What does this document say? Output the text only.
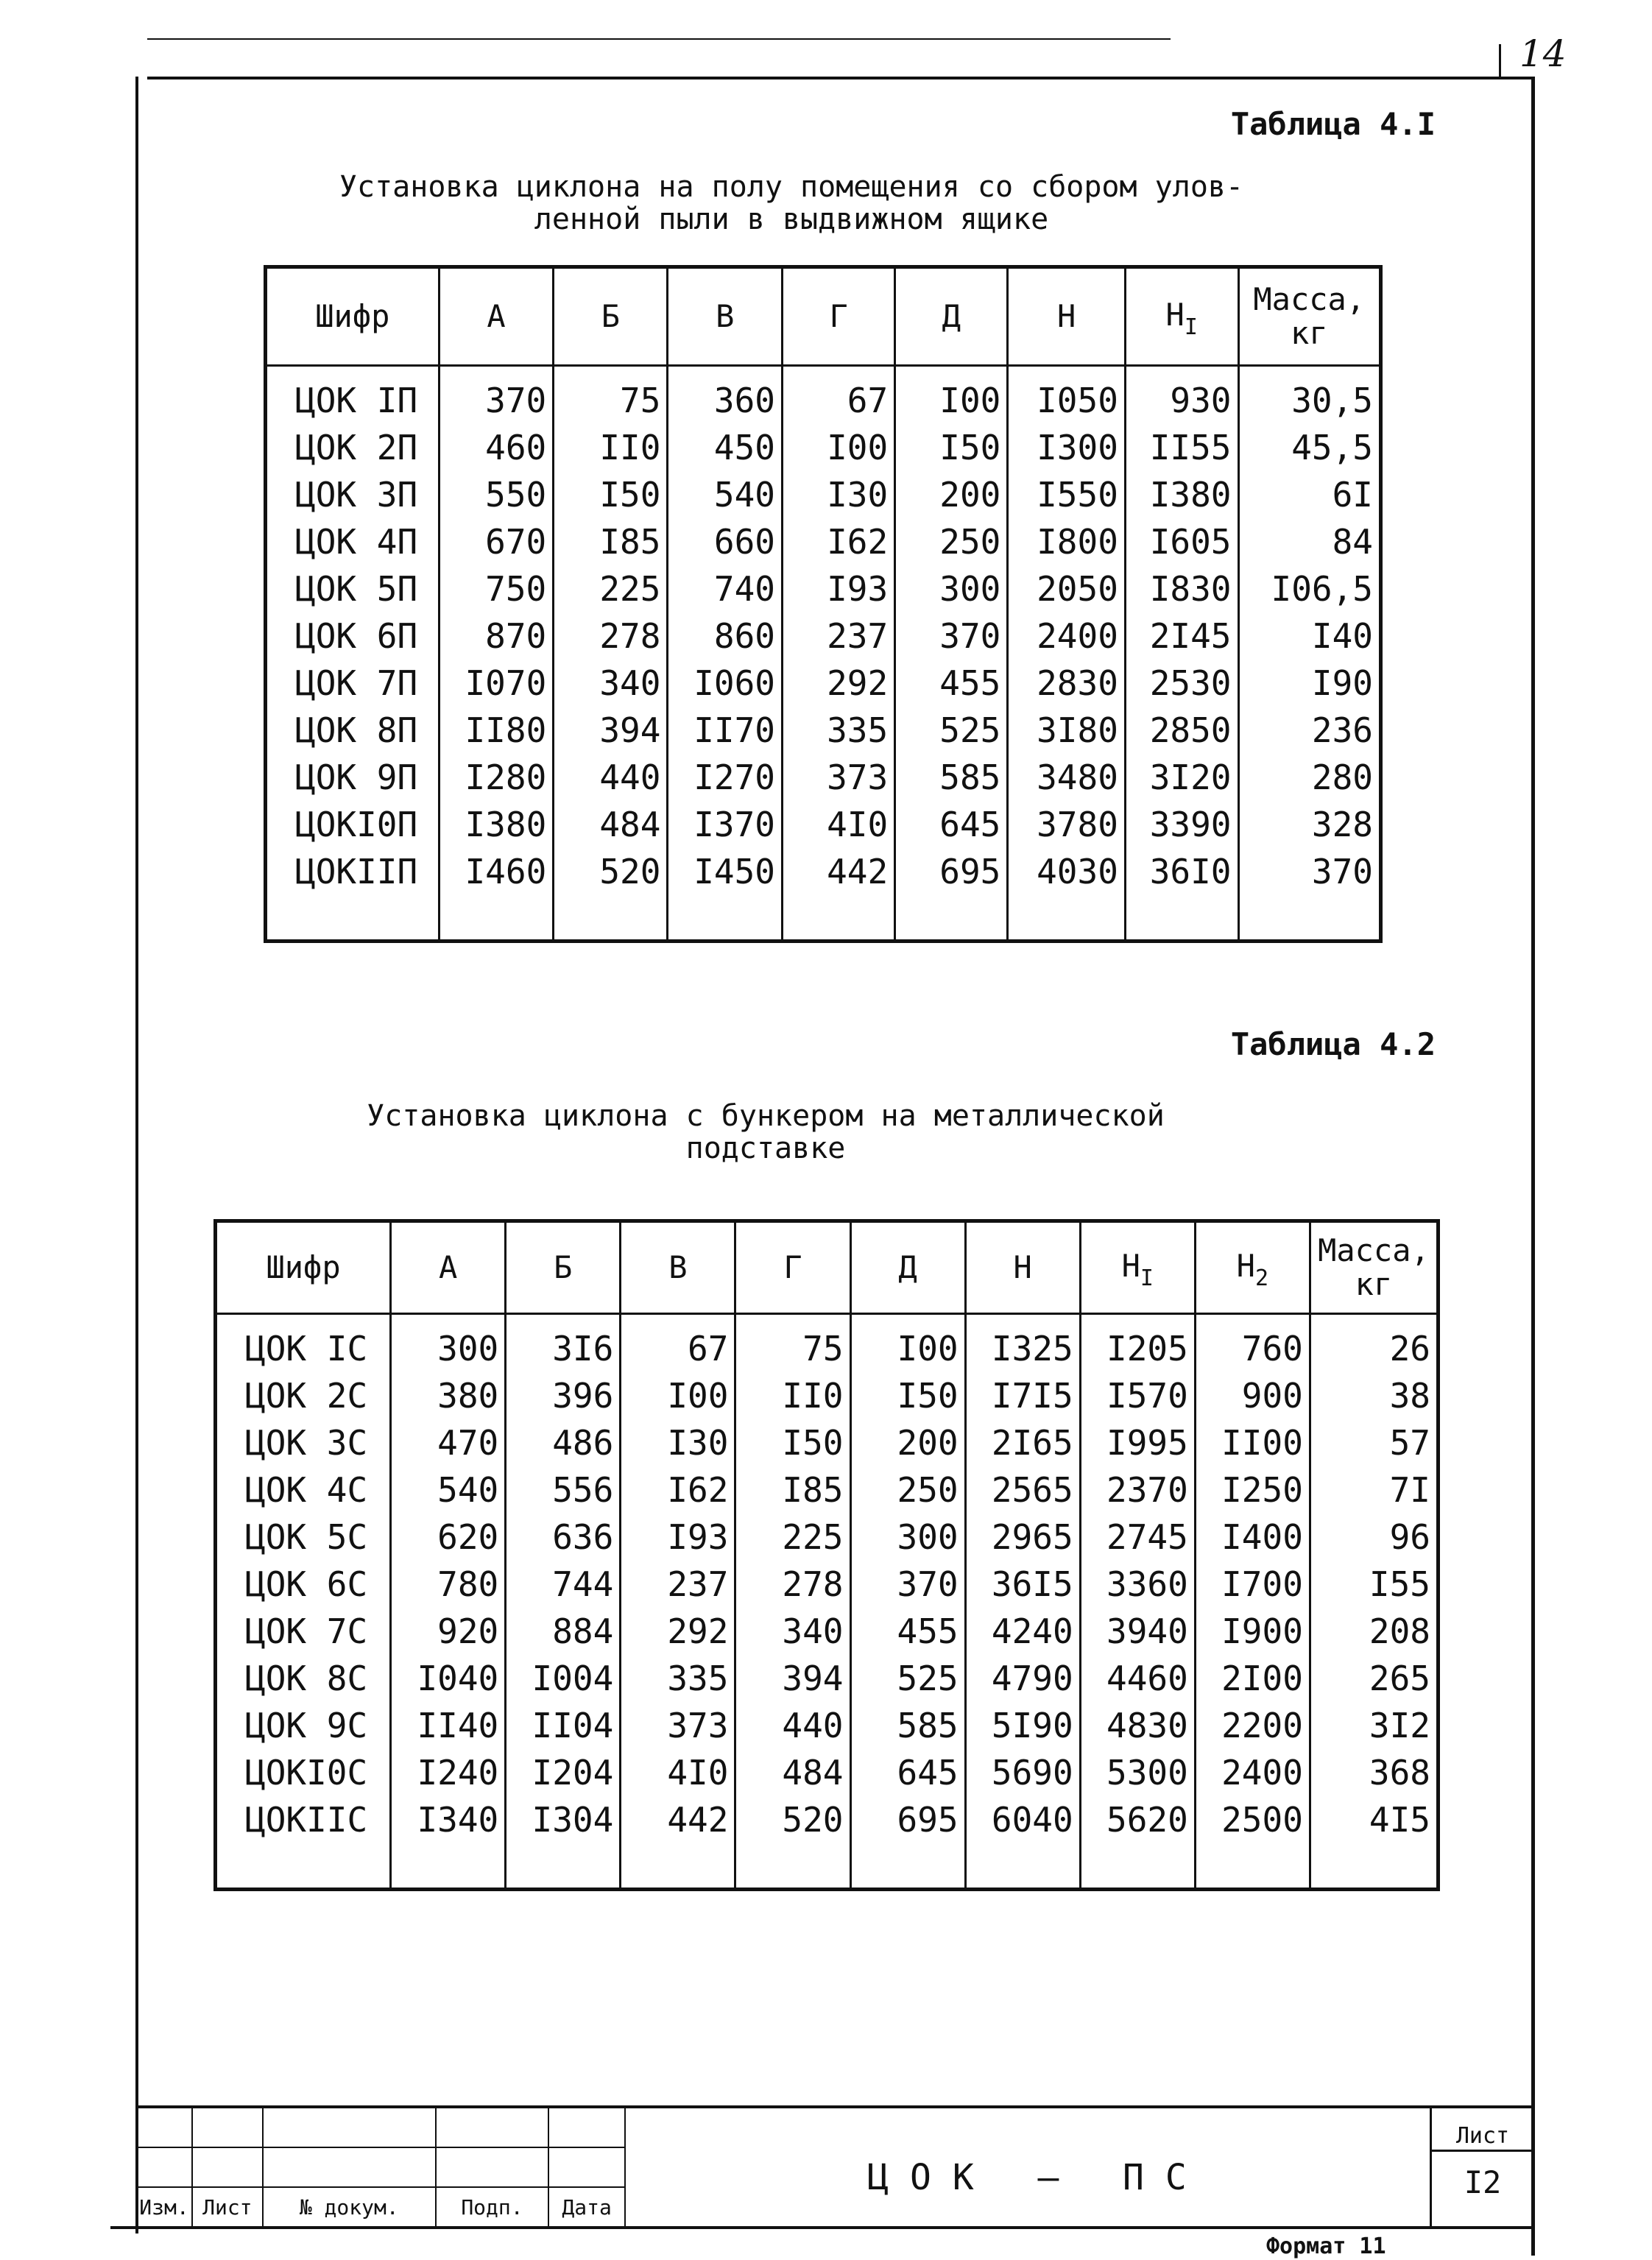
14
Таблица 4.I
Установка циклона на полу помещения со сбором улов-
ленной пыли в выдвижном ящике
Шифр	А	Б	В	Г	Д	Н	$Н_I$	Масса,
кг

ЦОК IП	370	75	360	67	I00	I050	930	30,5
ЦОК 2П	460	II0	450	I00	I50	I300	II55	45,5
ЦОК 3П	550	I50	540	I30	200	I550	I380	6I
ЦОК 4П	670	I85	660	I62	250	I800	I605	84
ЦОК 5П	750	225	740	I93	300	2050	I830	I06,5
ЦОК 6П	870	278	860	237	370	2400	2I45	I40
ЦОК 7П	I070	340	I060	292	455	2830	2530	I90
ЦОК 8П	II80	394	II70	335	525	3I80	2850	236
ЦОК 9П	I280	440	I270	373	585	3480	3I20	280
ЦОКI0П	I380	484	I370	4I0	645	3780	3390	328
ЦОКIIП	I460	520	I450	442	695	4030	36I0	370

Таблица 4.2
Установка циклона с бункером на металлической
подставке
Шифр	А	Б	В	Г	Д	Н	$Н_I$	$Н_2$	Масса,
кг

ЦОК IС	300	3I6	67	75	I00	I325	I205	760	26
ЦОК 2С	380	396	I00	II0	I50	I7I5	I570	900	38
ЦОК 3С	470	486	I30	I50	200	2I65	I995	II00	57
ЦОК 4С	540	556	I62	I85	250	2565	2370	I250	7I
ЦОК 5С	620	636	I93	225	300	2965	2745	I400	96
ЦОК 6С	780	744	237	278	370	36I5	3360	I700	I55
ЦОК 7С	920	884	292	340	455	4240	3940	I900	208
ЦОК 8С	I040	I004	335	394	525	4790	4460	2I00	265
ЦОК 9С	II40	II04	373	440	585	5I90	4830	2200	3I2
ЦОКI0С	I240	I204	4I0	484	645	5690	5300	2400	368
ЦОКIIС	I340	I304	442	520	695	6040	5620	2500	4I5

Изм.	Лист	№ докум.	Подп.	Дата
Ц О К   –   П С
Лист
I2
Формат 11
